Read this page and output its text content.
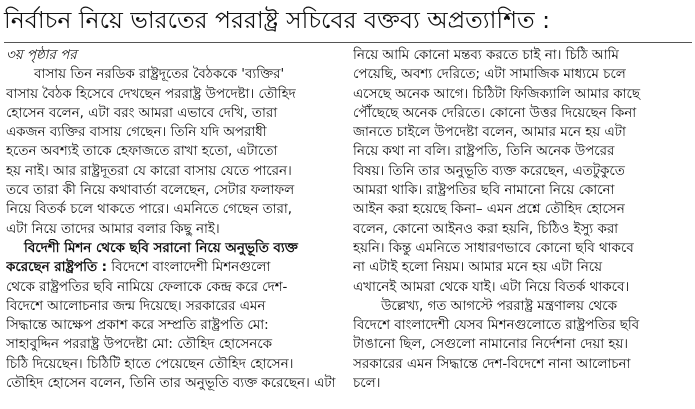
নির্বাচন নিয়ে ভারতের পররাষ্ট্র সচিবের বক্তব্য অপ্রত্যাশিত :
৩য় পৃষ্ঠার পর
বাসায় তিন নরডিক রাষ্ট্রদূতের বৈঠককে 'ব্যক্তির'
বাসায় বৈঠক হিসেবে দেখছেন পররাষ্ট্র উপদেষ্টা। তৌহিদ
হোসেন বলেন, এটা বরং আমরা এভাবে দেখি, তারা
একজন ব্যক্তির বাসায় গেছেন। তিনি যদি অপরাধী
হতেন অবশ্যই তাকে হেফাজতে রাখা হতো, এটাতো
হয় নাই। আর রাষ্ট্রদূতরা যে কারো বাসায় যেতে পারেন।
তবে তারা কী নিয়ে কথাবার্তা বলেছেন, সেটার ফলাফল
নিয়ে বিতর্ক চলে থাকতে পারে। এমনিতে গেছেন তারা,
এটা নিয়ে তাদের আমার বলার কিছু নাই।
বিদেশী মিশন থেকে ছবি সরানো নিয়ে অনুভূতি ব্যক্ত
করেছেন রাষ্ট্রপতি : বিদেশে বাংলাদেশী মিশনগুলো
থেকে রাষ্ট্রপতির ছবি নামিয়ে ফেলাকে কেন্দ্র করে দেশ-
বিদেশে আলোচনার জন্ম দিয়েছে। সরকারের এমন
সিদ্ধান্তে আক্ষেপ প্রকাশ করে সম্প্রতি রাষ্ট্রপতি মো:
সাহাবুদ্দিন পররাষ্ট্র উপদেষ্টা মো: তৌহিদ হোসেনকে
চিঠি দিয়েছেন। চিঠিটি হাতে পেয়েছেন তৌহিদ হোসেন।
তৌহিদ হোসেন বলেন, তিনি তার অনুভূতি ব্যক্ত করেছেন। এটা
নিয়ে আমি কোনো মন্তব্য করতে চাই না। চিঠি আমি
পেয়েছি, অবশ্য দেরিতে; এটা সামাজিক মাধ্যমে চলে
এসেছে অনেক আগে। চিঠিটা ফিজিক্যালি আমার কাছে
পৌঁছেছে অনেক দেরিতে। কোনো উত্তর দিয়েছেন কিনা
জানতে চাইলে উপদেষ্টা বলেন, আমার মনে হয় এটা
নিয়ে কথা না বলি। রাষ্ট্রপতি, তিনি অনেক উপরের
বিষয়। তিনি তার অনুভূতি ব্যক্ত করেছেন, এতটুকুতে
আমরা থাকি। রাষ্ট্রপতির ছবি নামানো নিয়ে কোনো
আইন করা হয়েছে কিনা– এমন প্রশ্নে তৌহিদ হোসেন
বলেন, কোনো আইনও করা হয়নি, চিঠিও ইস্যু করা
হয়নি। কিন্তু এমনিতে সাধারণভাবে কোনো ছবি থাকবে
না এটাই হলো নিয়ম। আমার মনে হয় এটা নিয়ে
এখানেই আমরা থেকে যাই। এটা নিয়ে বিতর্ক থাকবে।
উল্লেখ্য, গত আগস্টে পররাষ্ট্র মন্ত্রণালয় থেকে
বিদেশে বাংলাদেশী যেসব মিশনগুলোতে রাষ্ট্রপতির ছবি
টাঙানো ছিল, সেগুলো নামানোর নির্দেশনা দেয়া হয়।
সরকারের এমন সিদ্ধান্তে দেশ-বিদেশে নানা আলোচনা
চলে।
